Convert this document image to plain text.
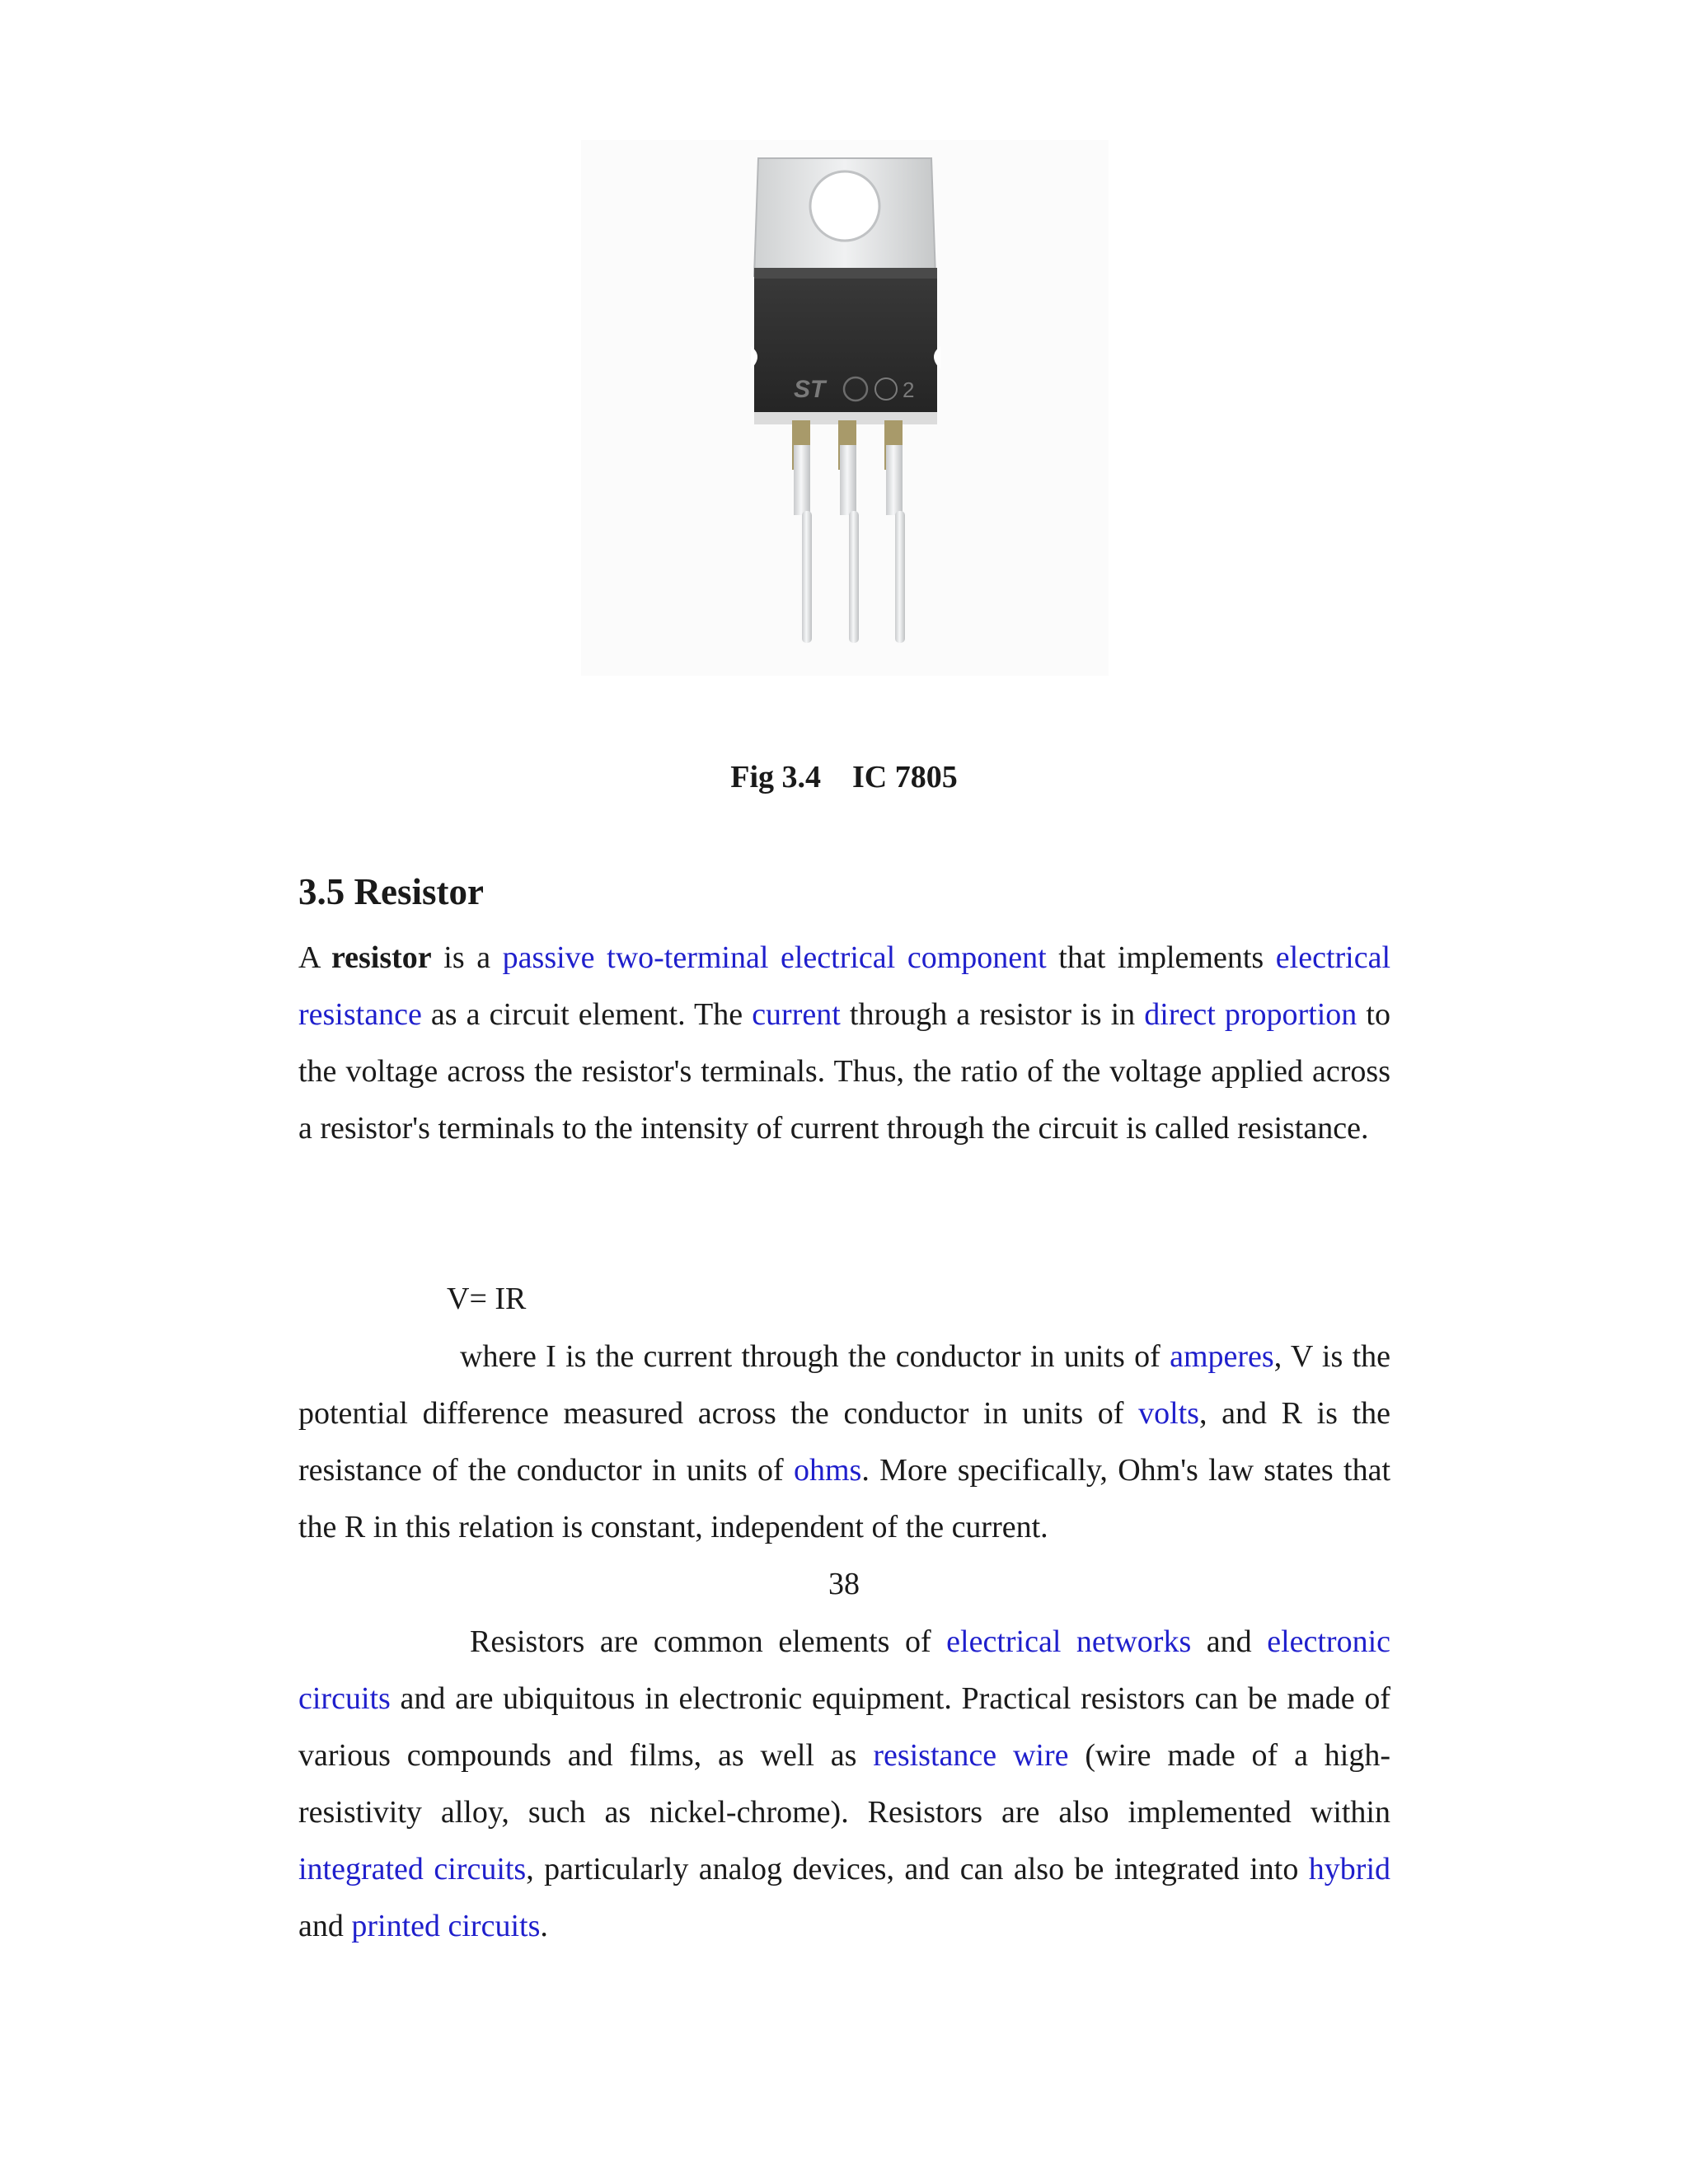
ST	2
Fig 3.4    IC 7805
3.5 Resistor
A resistor is a passive two-terminal electrical component that implements electrical resistance as a circuit element. The current through a resistor is in direct proportion to the voltage across the resistor's terminals. Thus, the ratio of the voltage applied across a resistor's terminals to the intensity of current through the circuit is called resistance.
V= IR
where I is the current through the conductor in units of amperes, V is the potential difference measured across the conductor in units of volts, and R is the resistance of the conductor in units of ohms. More specifically, Ohm's law states that the R in this relation is constant, independent of the current.
38
Resistors are common elements of electrical networks and electronic circuits and are ubiquitous in electronic equipment. Practical resistors can be made of various compounds and films, as well as resistance wire (wire made of a high-resistivity alloy, such as nickel-chrome). Resistors are also implemented within integrated circuits, particularly analog devices, and can also be integrated into hybrid and printed circuits.
